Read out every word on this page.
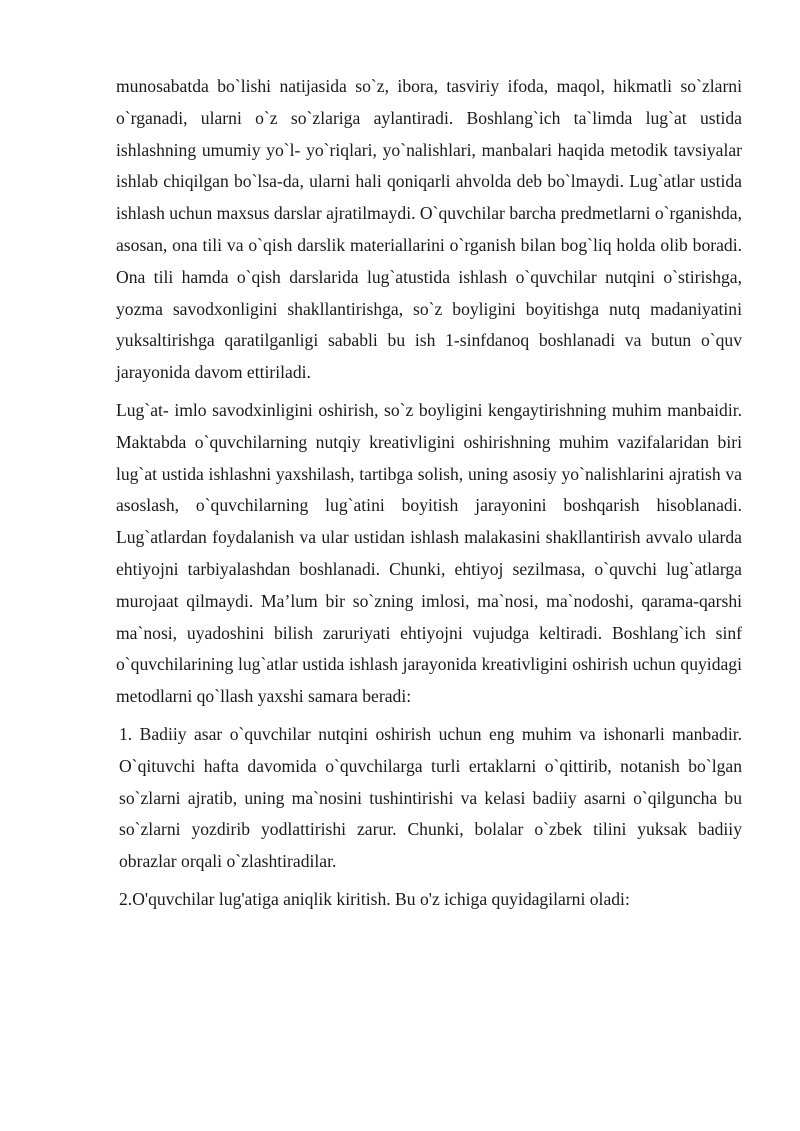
munosabatda bo`lishi natijasida so`z, ibora, tasviriy ifoda, maqol, hikmatli so`zlarni o`rganadi, ularni o`z so`zlariga aylantiradi. Boshlang`ich ta`limda lug`at ustida ishlashning umumiy yo`l- yo`riqlari, yo`nalishlari, manbalari haqida metodik tavsiyalar ishlab chiqilgan bo`lsa-da, ularni hali qoniqarli ahvolda deb bo`lmaydi. Lug`atlar ustida ishlash uchun maxsus darslar ajratilmaydi. O`quvchilar barcha predmetlarni o`rganishda, asosan, ona tili va o`qish darslik materiallarini o`rganish bilan bog`liq holda olib boradi. Ona tili hamda o`qish darslarida lug`atustida ishlash o`quvchilar nutqini o`stirishga, yozma savodxonligini shakllantirishga, so`z boyligini boyitishga nutq madaniyatini yuksaltirishga qaratilganligi sababli bu ish 1-sinfdanoq boshlanadi va butun o`quv jarayonida davom ettiriladi.

Lug`at- imlo savodxinligini oshirish, so`z boyligini kengaytirishning muhim manbaidir. Maktabda o`quvchilarning nutqiy kreativligini oshirishning muhim vazifalaridan biri lug`at ustida ishlashni yaxshilash, tartibga solish, uning asosiy yo`nalishlarini ajratish va asoslash, o`quvchilarning lug`atini boyitish jarayonini boshqarish hisoblanadi. Lug`atlardan foydalanish va ular ustidan ishlash malakasini shakllantirish avvalo ularda ehtiyojni tarbiyalashdan boshlanadi. Chunki, ehtiyoj sezilmasa, o`quvchi lug`atlarga murojaat qilmaydi. Ma’lum bir so`zning imlosi, ma`nosi, ma`nodoshi, qarama-qarshi ma`nosi, uyadoshini bilish zaruriyati ehtiyojni vujudga keltiradi. Boshlang`ich sinf o`quvchilarining lug`atlar ustida ishlash jarayonida kreativligini oshirish uchun quyidagi metodlarni qo`llash yaxshi samara beradi:

1. Badiiy asar o`quvchilar nutqini oshirish uchun eng muhim va ishonarli manbadir. O`qituvchi hafta davomida o`quvchilarga turli ertaklarni o`qittirib, notanish bo`lgan so`zlarni ajratib, uning ma`nosini tushintirishi va kelasi badiiy asarni o`qilguncha bu so`zlarni yozdirib yodlattirishi zarur. Chunki, bolalar o`zbek tilini yuksak badiiy obrazlar orqali o`zlashtiradilar.

2.O'quvchilar lug'atiga aniqlik kiritish. Bu o'z ichiga quyidagilarni oladi:
